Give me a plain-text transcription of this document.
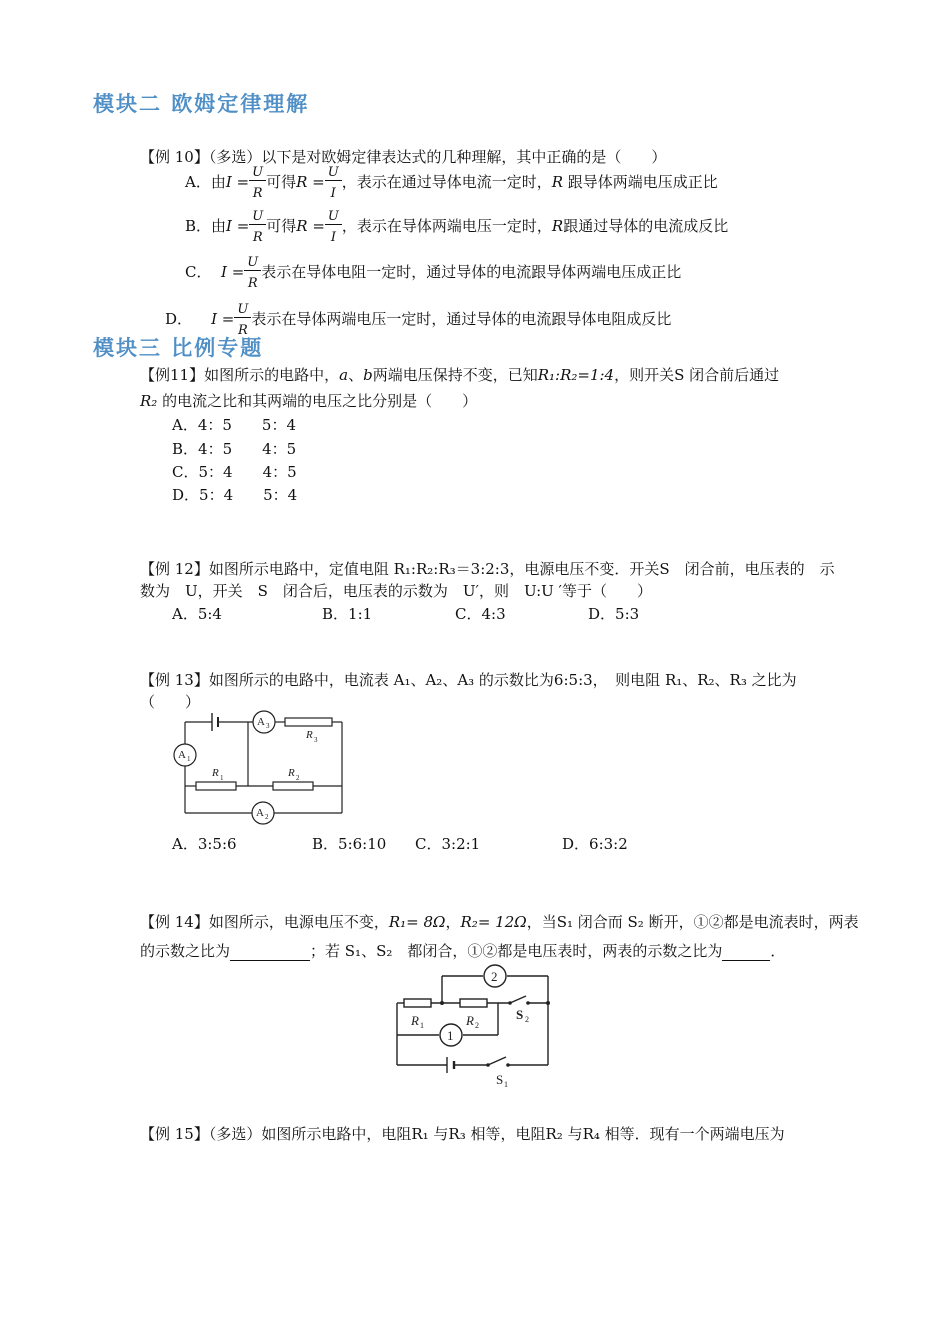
模块二 欧姆定律理解
【例 10】（多选）以下是对欧姆定律表达式的几种理解，其中正确的是（　　）
A．由$I = \frac{U}{R}$ 可得$R = \frac{U}{I}$ ，表示在通过导体电流一定时，R 跟导体两端电压成正比
B．由$I = \frac{U}{R}$ 可得$R = \frac{U}{I}$ ，表示在导体两端电压一定时，R跟通过导体的电流成反比
C． $I = \frac{U}{R}$ 表示在导体电阻一定时，通过导体的电流跟导体两端电压成正比
D． $I = \frac{U}{R}$ 表示在导体两端电压一定时，通过导体的电流跟导体电阻成反比
模块三 比例专题
【例11】如图所示的电路中，a、b两端电压保持不变，已知R₁:R₂=1:4，则开关S 闭合前后通过
R₂ 的电流之比和其两端的电压之比分别是（　　）
A．4：5　　5：4
B．4：5　　4：5
C．5：4　　4：5
D．5：4　　5：4
【例 12】如图所示电路中，定值电阻 R₁:R₂:R₃＝3:2:3，电源电压不变．开关S　闭合前，电压表的　示
数为　U，开关　S　闭合后，电压表的示数为　U′，则　U:U ′等于（　　）
A．5:4	B．1:1	C．4:3	D．5:3
【例 13】如图所示的电路中，电流表 A₁、A₂、A₃ 的示数比为6:5:3，　则电阻 R₁、R₂、R₃ 之比为
（　　）
A 1
A 3
A 2
R 3
R 1	R 2
A．3:5:6	B．5:6:10 C．3:2:1	D．6:3:2
【例 14】如图所示，电源电压不变，R₁= 8Ω，R₂= 12Ω，当S₁ 闭合而 S₂ 断开，①②都是电流表时，两表
的示数之比为	；若 S₁、S₂　都闭合，①②都是电压表时，两表的示数之比为	．
2
1
R 1	R 2
S 2
S 1
【例 15】（多选）如图所示电路中，电阻R₁ 与R₃ 相等，电阻R₂ 与R₄ 相等．现有一个两端电压为
